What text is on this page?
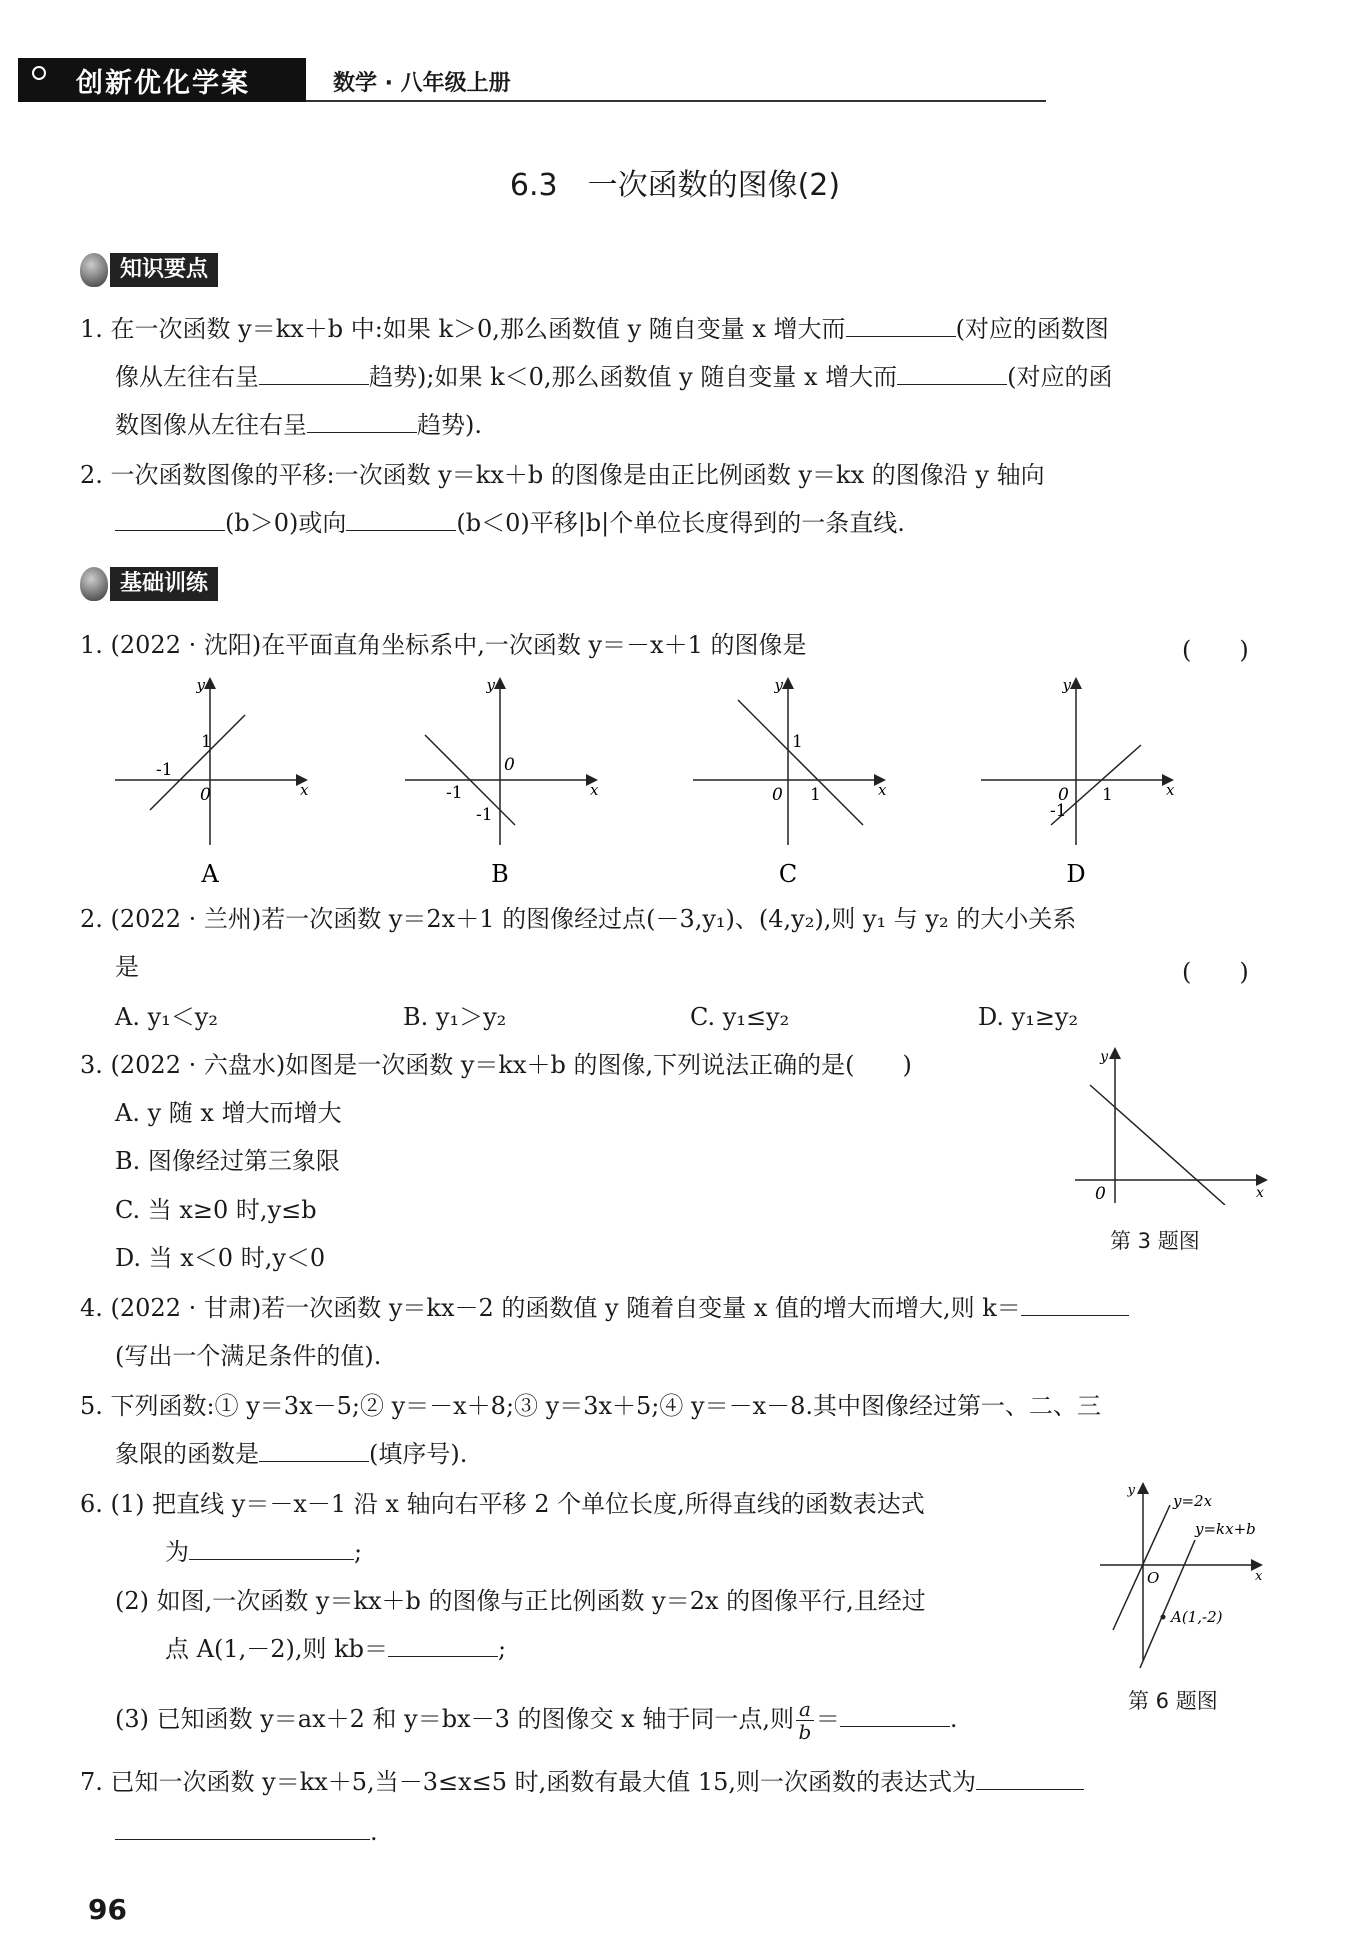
创新优化学案	数学 · 八年级上册
6.3　一次函数的图像(2)
知识要点
1. 在一次函数 y＝kx＋b 中:如果 k＞0,那么函数值 y 随自变量 x 增大而	(对应的函数图
像从左往右呈	趋势);如果 k＜0,那么函数值 y 随自变量 x 增大而	(对应的函
数图像从左往右呈	趋势).
2. 一次函数图像的平移:一次函数 y＝kx＋b 的图像是由正比例函数 y＝kx 的图像沿 y 轴向
(b＞0)或向	(b＜0)平移|b|个单位长度得到的一条直线.
基础训练
1. (2022 · 沈阳)在平面直角坐标系中,一次函数 y＝－x＋1 的图像是	(　　)
y
x
0
1
-1
A
y
x
0
-1
-1
B
y
x
0
1
1
C
y
x
0 1
-1
D
2. (2022 · 兰州)若一次函数 y＝2x＋1 的图像经过点(－3,y₁)、(4,y₂),则 y₁ 与 y₂ 的大小关系
是	(　　)
A. y₁＜y₂	B. y₁＞y₂	C. y₁≤y₂	D. y₁≥y₂
3. (2022 · 六盘水)如图是一次函数 y＝kx＋b 的图像,下列说法正确的是(　　)
A. y 随 x 增大而增大
B. 图像经过第三象限
C. 当 x≥0 时,y≤b
D. 当 x＜0 时,y＜0
y
x
0
第 3 题图
4. (2022 · 甘肃)若一次函数 y＝kx－2 的函数值 y 随着自变量 x 值的增大而增大,则 k＝
(写出一个满足条件的值).
5. 下列函数:① y＝3x－5;② y＝－x＋8;③ y＝3x＋5;④ y＝－x－8.其中图像经过第一、二、三
象限的函数是	(填序号).
6. (1) 把直线 y＝－x－1 沿 x 轴向右平移 2 个单位长度,所得直线的函数表达式
为	;
(2) 如图,一次函数 y＝kx＋b 的图像与正比例函数 y＝2x 的图像平行,且经过
点 A(1,－2),则 kb＝	;
(3) 已知函数 y＝ax＋2 和 y＝bx－3 的图像交 x 轴于同一点,则 $\frac{a}{b}$ ＝	.
y
x
O
y=2x
y=kx+b
A(1,-2)
第 6 题图
7. 已知一次函数 y＝kx＋5,当－3≤x≤5 时,函数有最大值 15,则一次函数的表达式为
.
96
